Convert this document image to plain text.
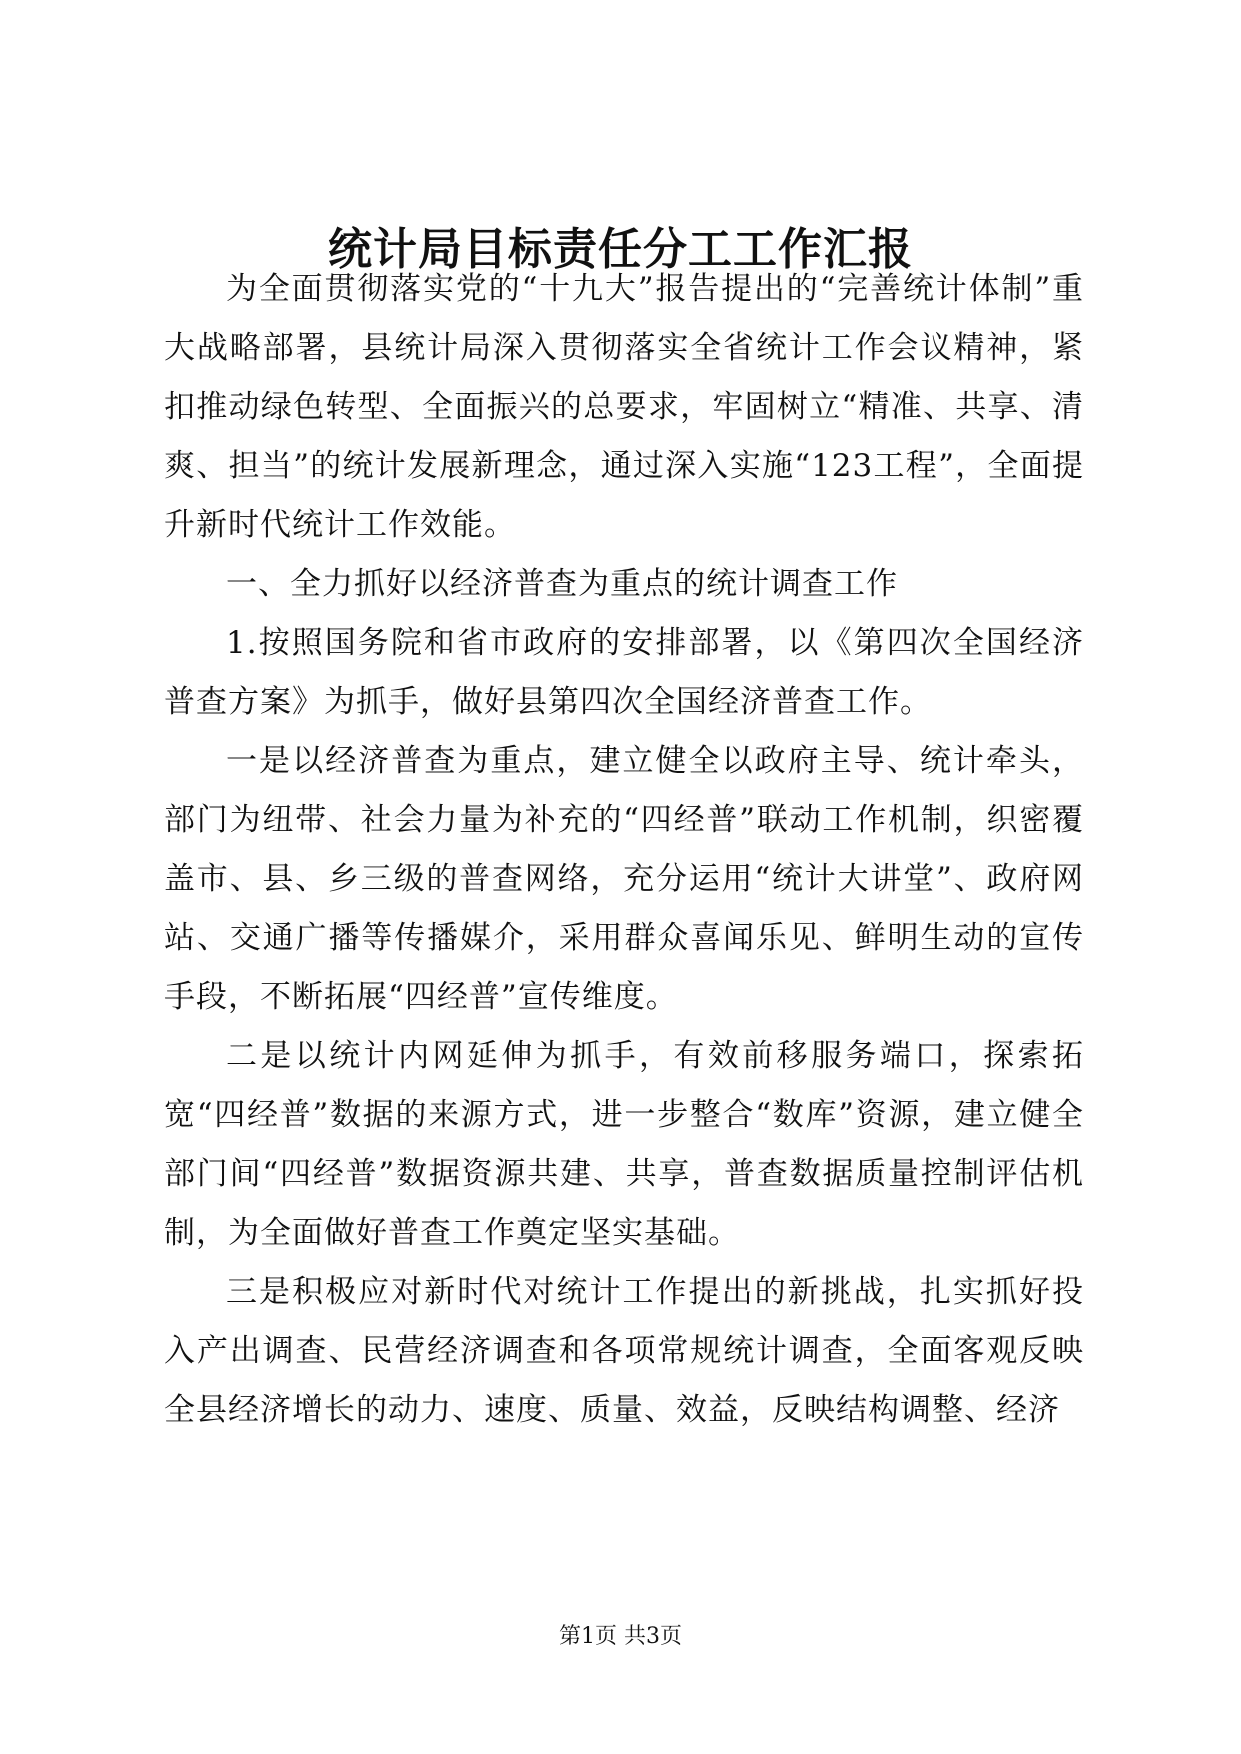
统计局目标责任分工工作汇报

为全面贯彻落实党的“十九大”报告提出的“完善统计体制”重大战略部署，县统计局深入贯彻落实全省统计工作会议精神，紧扣推动绿色转型、全面振兴的总要求，牢固树立“精准、共享、清爽、担当”的统计发展新理念，通过深入实施“123工程”，全面提升新时代统计工作效能。

一、全力抓好以经济普查为重点的统计调查工作

1.按照国务院和省市政府的安排部署，以《第四次全国经济普查方案》为抓手，做好县第四次全国经济普查工作。

一是以经济普查为重点，建立健全以政府主导、统计牵头，部门为纽带、社会力量为补充的“四经普”联动工作机制，织密覆盖市、县、乡三级的普查网络，充分运用“统计大讲堂”、政府网站、交通广播等传播媒介，采用群众喜闻乐见、鲜明生动的宣传手段，不断拓展“四经普”宣传维度。

二是以统计内网延伸为抓手，有效前移服务端口，探索拓宽“四经普”数据的来源方式，进一步整合“数库”资源，建立健全部门间“四经普”数据资源共建、共享，普查数据质量控制评估机制，为全面做好普查工作奠定坚实基础。

三是积极应对新时代对统计工作提出的新挑战，扎实抓好投入产出调查、民营经济调查和各项常规统计调查，全面客观反映全县经济增长的动力、速度、质量、效益，反映结构调整、经济

第1页 共3页
